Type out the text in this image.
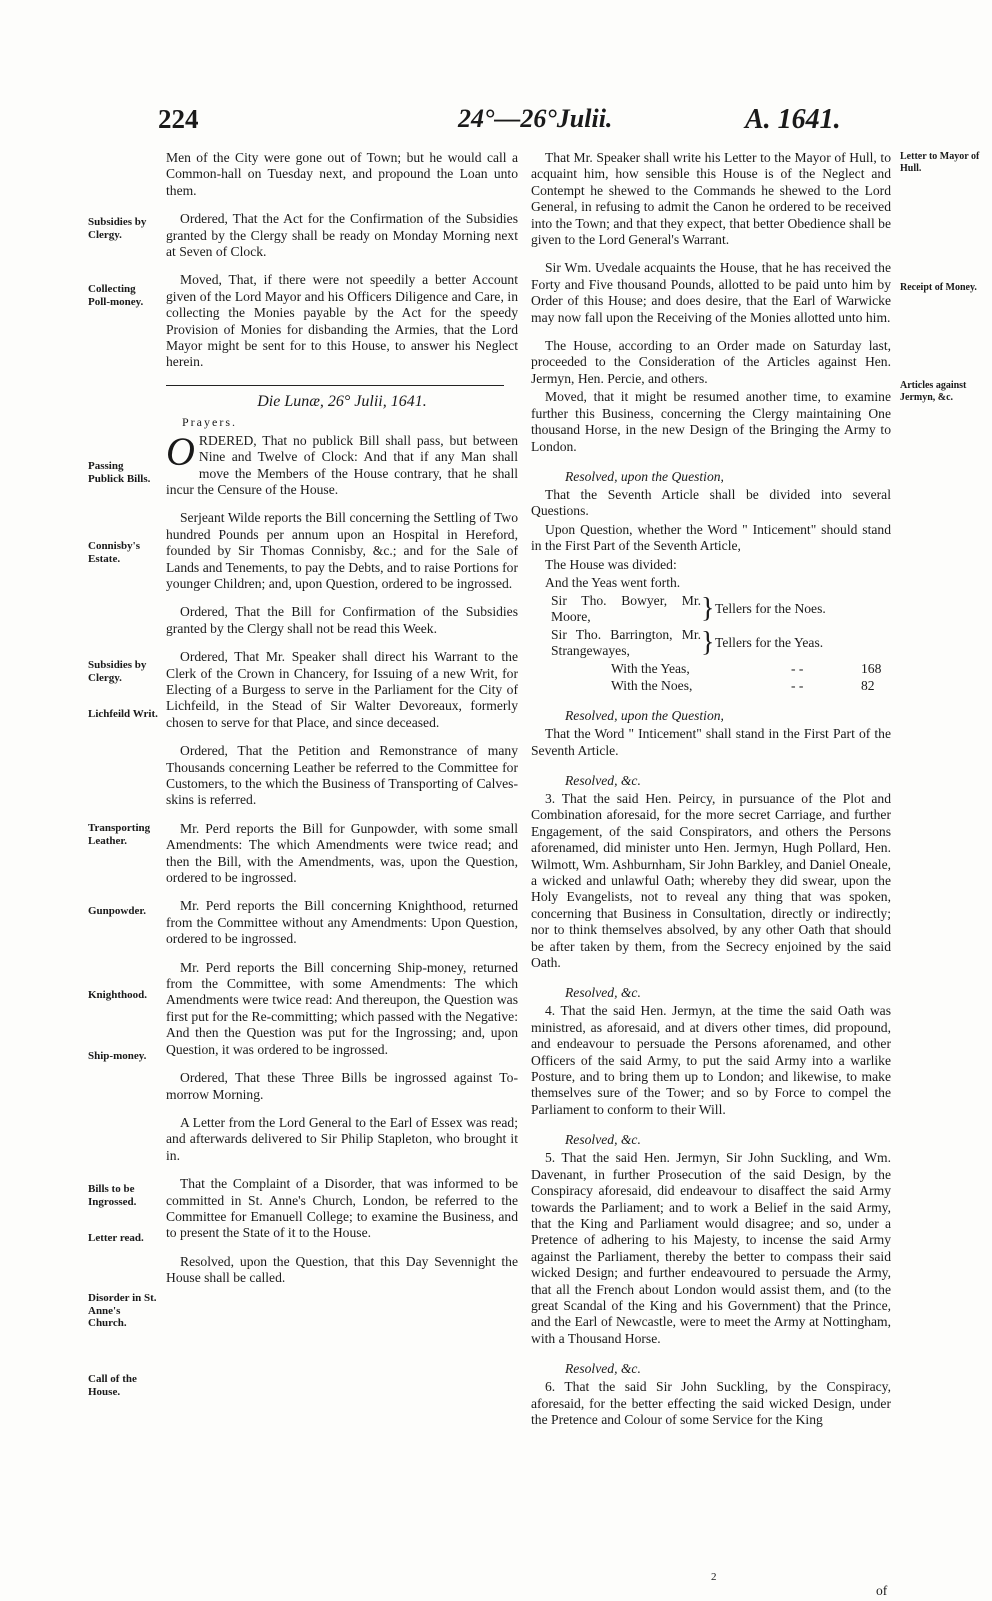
224	24°—26°Julii.	A. 1641.
Subsidies by Clergy.
Collecting Poll-money.
Passing Publick Bills.
Connisby's Estate.
Subsidies by Clergy.
Lichfeild Writ.
Transporting Leather.
Gunpowder.
Knighthood.
Ship-money.
Bills to be Ingrossed.
Letter read.
Disorder in St. Anne's Church.
Call of the House.

Men of the City were gone out of Town; but he would call a Common-hall on Tuesday next, and propound the Loan unto them.

Ordered, That the Act for the Confirmation of the Subsidies granted by the Clergy shall be ready on Monday Morning next at Seven of Clock.

Moved, That, if there were not speedily a better Account given of the Lord Mayor and his Officers Diligence and Care, in collecting the Monies payable by the Act for the speedy Provision of Monies for disbanding the Armies, that the Lord Mayor might be sent for to this House, to answer his Neglect herein.

Die Lunæ, 26° Julii, 1641.
Prayers.

ORDERED, That no publick Bill shall pass, but between Nine and Twelve of Clock: And that if any Man shall move the Members of the House contrary, that he shall incur the Censure of the House.

Serjeant Wilde reports the Bill concerning the Settling of Two hundred Pounds per annum upon an Hospital in Hereford, founded by Sir Thomas Connisby, &c.; and for the Sale of Lands and Tenements, to pay the Debts, and to raise Portions for younger Children; and, upon Question, ordered to be ingrossed.

Ordered, That the Bill for Confirmation of the Subsidies granted by the Clergy shall not be read this Week.

Ordered, That Mr. Speaker shall direct his Warrant to the Clerk of the Crown in Chancery, for Issuing of a new Writ, for Electing of a Burgess to serve in the Parliament for the City of Lichfeild, in the Stead of Sir Walter Devoreaux, formerly chosen to serve for that Place, and since deceased.

Ordered, That the Petition and Remonstrance of many Thousands concerning Leather be referred to the Committee for Customers, to the which the Business of Transporting of Calves-skins is referred.

Mr. Perd reports the Bill for Gunpowder, with some small Amendments: The which Amendments were twice read; and then the Bill, with the Amendments, was, upon the Question, ordered to be ingrossed.

Mr. Perd reports the Bill concerning Knighthood, returned from the Committee without any Amendments: Upon Question, ordered to be ingrossed.

Mr. Perd reports the Bill concerning Ship-money, returned from the Committee, with some Amendments: The which Amendments were twice read: And thereupon, the Question was first put for the Re-committing; which passed with the Negative: And then the Question was put for the Ingrossing; and, upon Question, it was ordered to be ingrossed.

Ordered, That these Three Bills be ingrossed against To-morrow Morning.

A Letter from the Lord General to the Earl of Essex was read; and afterwards delivered to Sir Philip Stapleton, who brought it in.

That the Complaint of a Disorder, that was informed to be committed in St. Anne's Church, London, be referred to the Committee for Emanuell College; to examine the Business, and to present the State of it to the House.

Resolved, upon the Question, that this Day Sevennight the House shall be called.

Letter to Mayor of Hull.
Receipt of Money.
Articles against Jermyn, &c.

That Mr. Speaker shall write his Letter to the Mayor of Hull, to acquaint him, how sensible this House is of the Neglect and Contempt he shewed to the Commands he shewed to the Lord General, in refusing to admit the Canon he ordered to be received into the Town; and that they expect, that better Obedience shall be given to the Lord General's Warrant.

Sir Wm. Uvedale acquaints the House, that he has received the Forty and Five thousand Pounds, allotted to be paid unto him by Order of this House; and does desire, that the Earl of Warwicke may now fall upon the Receiving of the Monies allotted unto him.

The House, according to an Order made on Saturday last, proceeded to the Consideration of the Articles against Hen. Jermyn, Hen. Percie, and others.

Moved, that it might be resumed another time, to examine further this Business, concerning the Clergy maintaining One thousand Horse, in the new Design of the Bringing the Army to London.

Resolved, upon the Question,

That the Seventh Article shall be divided into several Questions.

Upon Question, whether the Word " Inticement" should stand in the First Part of the Seventh Article,

The House was divided:

And the Yeas went forth.

Sir Tho. Bowyer, Mr. Moore,	} Tellers for the Noes.
Sir Tho. Barrington, Mr. Strangewayes,	} Tellers for the Yeas.
With the Yeas,	- -	168
With the Noes,	- -	82

Resolved, upon the Question,

That the Word " Inticement" shall stand in the First Part of the Seventh Article.

Resolved, &c.

3. That the said Hen. Peircy, in pursuance of the Plot and Combination aforesaid, for the more secret Carriage, and further Engagement, of the said Conspirators, and others the Persons aforenamed, did minister unto Hen. Jermyn, Hugh Pollard, Hen. Wilmott, Wm. Ashburnham, Sir John Barkley, and Daniel Oneale, a wicked and unlawful Oath; whereby they did swear, upon the Holy Evangelists, not to reveal any thing that was spoken, concerning that Business in Consultation, directly or indirectly; nor to think themselves absolved, by any other Oath that should be after taken by them, from the Secrecy enjoined by the said Oath.

Resolved, &c.

4. That the said Hen. Jermyn, at the time the said Oath was ministred, as aforesaid, and at divers other times, did propound, and endeavour to persuade the Persons aforenamed, and other Officers of the said Army, to put the said Army into a warlike Posture, and to bring them up to London; and likewise, to make themselves sure of the Tower; and so by Force to compel the Parliament to conform to their Will.

Resolved, &c.

5. That the said Hen. Jermyn, Sir John Suckling, and Wm. Davenant, in further Prosecution of the said Design, by the Conspiracy aforesaid, did endeavour to disaffect the said Army towards the Parliament; and to work a Belief in the said Army, that the King and Parliament would disagree; and so, under a Pretence of adhering to his Majesty, to incense the said Army against the Parliament, thereby the better to compass their said wicked Design; and further endeavoured to persuade the Army, that all the French about London would assist them, and (to the great Scandal of the King and his Government) that the Prince, and the Earl of Newcastle, were to meet the Army at Nottingham, with a Thousand Horse.

Resolved, &c.

6. That the said Sir John Suckling, by the Conspiracy, aforesaid, for the better effecting the said wicked Design, under the Pretence and Colour of some Service for the King

2
of
